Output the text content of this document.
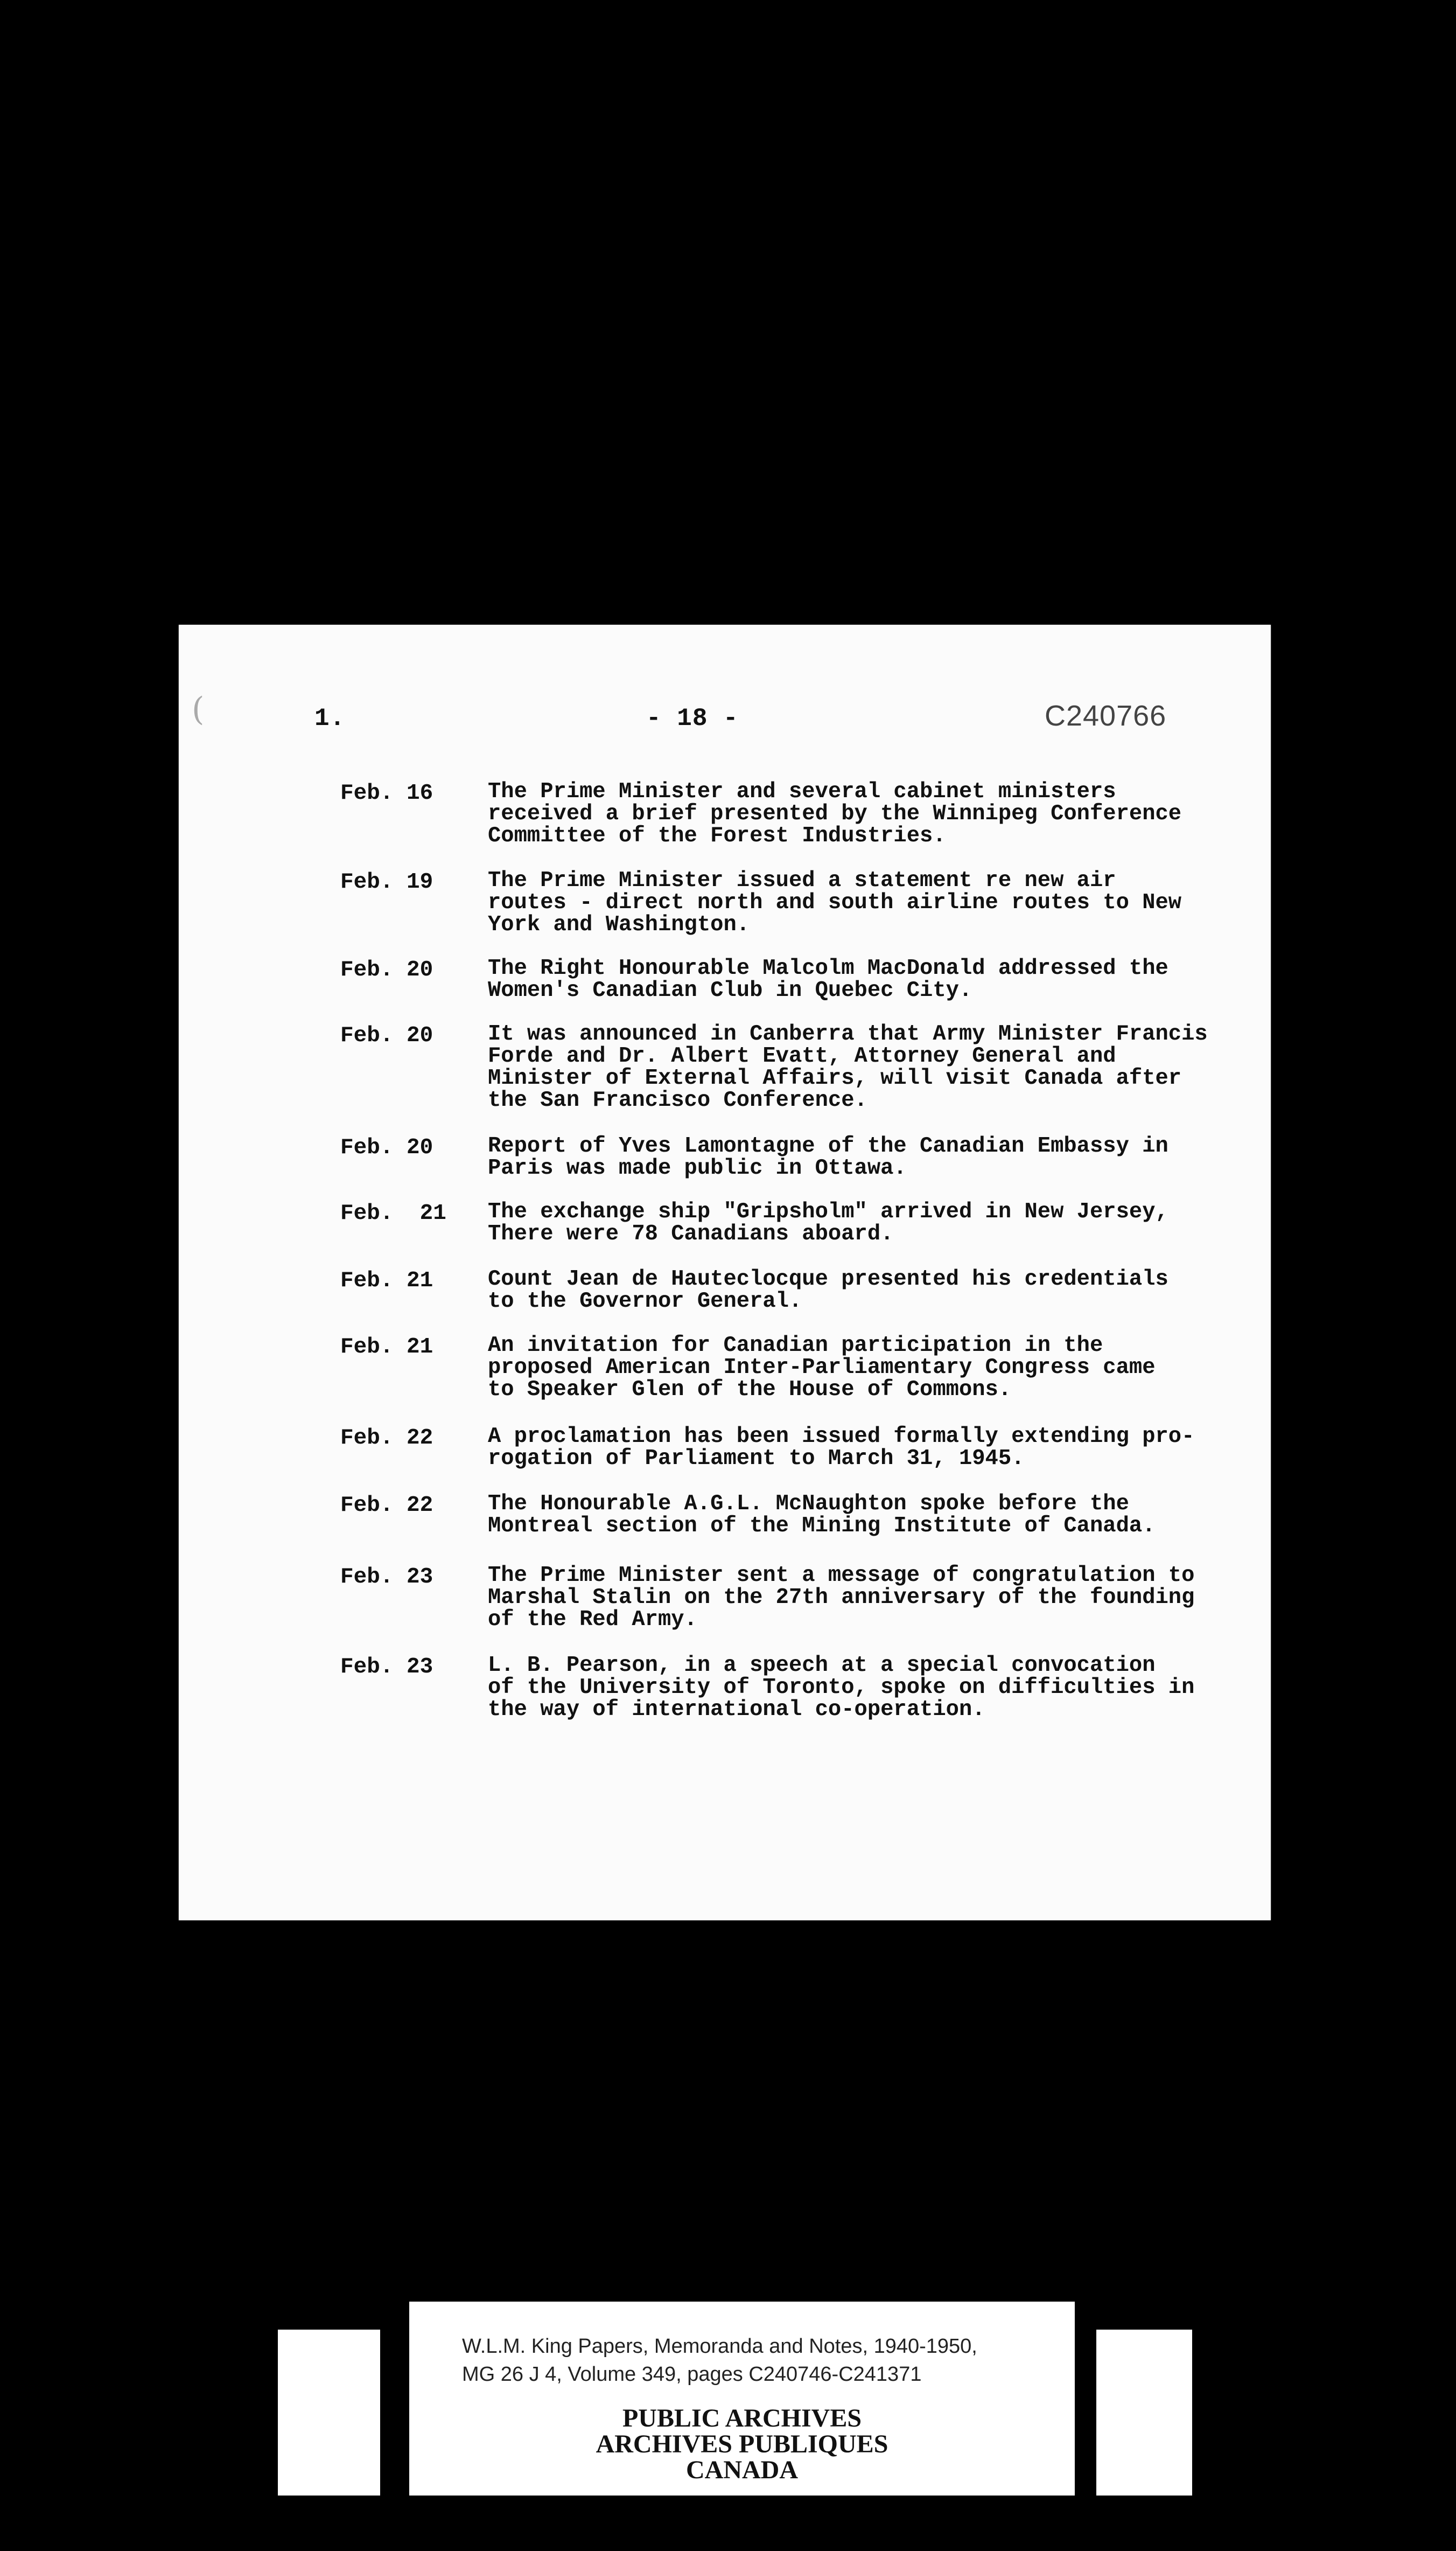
(	1.	- 18 -	C240766
Feb. 16	The Prime Minister and several cabinet ministers
received a brief presented by the Winnipeg Conference
Committee of the Forest Industries.
Feb. 19	The Prime Minister issued a statement re new air
routes - direct north and south airline routes to New
York and Washington.
Feb. 20	The Right Honourable Malcolm MacDonald addressed the
Women's Canadian Club in Quebec City.
Feb. 20	It was announced in Canberra that Army Minister Francis
Forde and Dr. Albert Evatt, Attorney General and
Minister of External Affairs, will visit Canada after
the San Francisco Conference.
Feb. 20	Report of Yves Lamontagne of the Canadian Embassy in
Paris was made public in Ottawa.
Feb.  21 The exchange ship "Gripsholm" arrived in New Jersey,
There were 78 Canadians aboard.
Feb. 21	Count Jean de Hauteclocque presented his credentials
to the Governor General.
Feb. 21	An invitation for Canadian participation in the
proposed American Inter-Parliamentary Congress came
to Speaker Glen of the House of Commons.
Feb. 22	A proclamation has been issued formally extending pro-
rogation of Parliament to March 31, 1945.
Feb. 22	The Honourable A.G.L. McNaughton spoke before the
Montreal section of the Mining Institute of Canada.
Feb. 23	The Prime Minister sent a message of congratulation to
Marshal Stalin on the 27th anniversary of the founding
of the Red Army.
Feb. 23	L. B. Pearson, in a speech at a special convocation
of the University of Toronto, spoke on difficulties in
the way of international co-operation.
W.L.M. King Papers, Memoranda and Notes, 1940-1950,
MG 26 J 4, Volume 349, pages C240746-C241371
PUBLIC ARCHIVES
ARCHIVES PUBLIQUES
CANADA
